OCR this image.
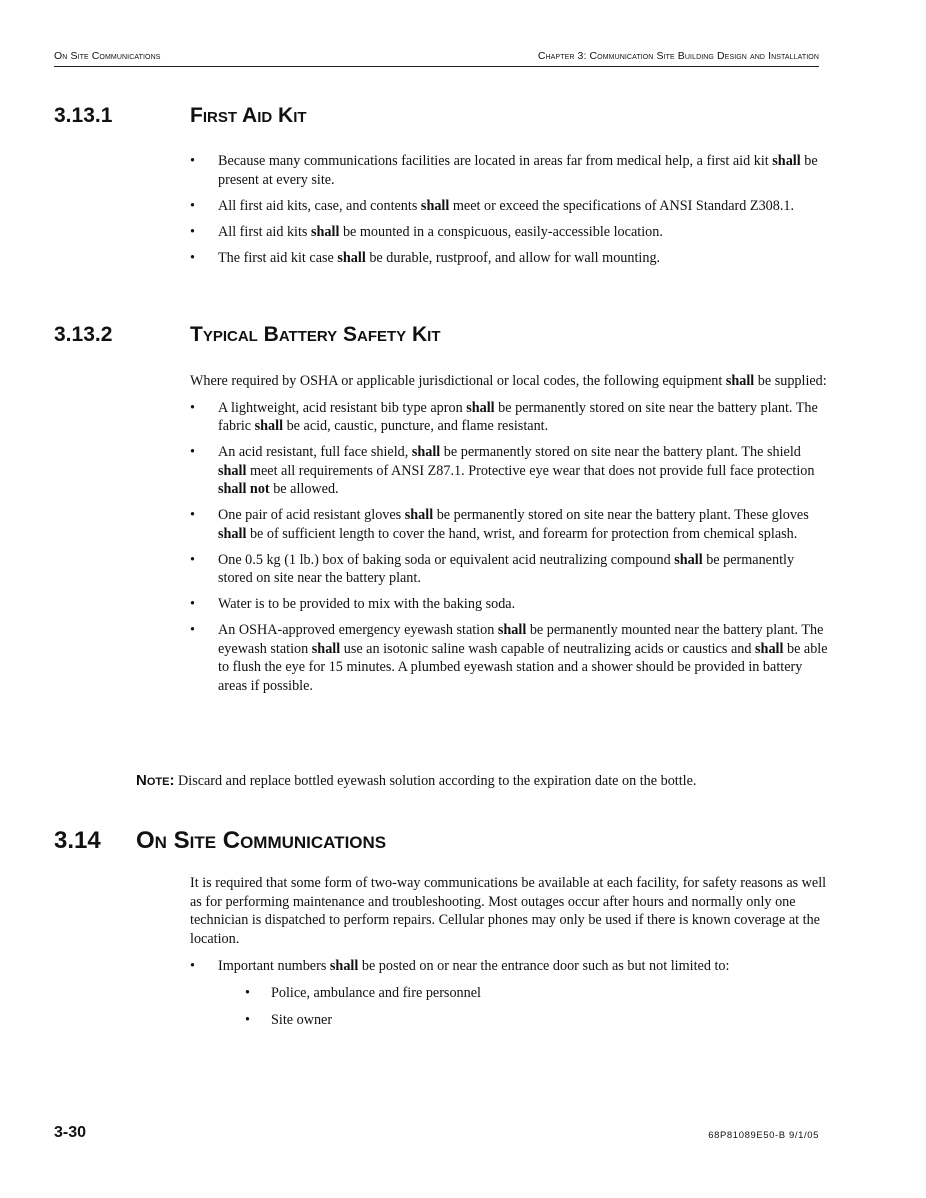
On Site Communications	Chapter 3: Communication Site Building Design and Installation
3.13.1	First Aid Kit
• Because many communications facilities are located in areas far from medical help, a first aid kit shall be present at every site.
• All first aid kits, case, and contents shall meet or exceed the specifications of ANSI Standard Z308.1.
• All first aid kits shall be mounted in a conspicuous, easily-accessible location.
• The first aid kit case shall be durable, rustproof, and allow for wall mounting.
3.13.2	Typical Battery Safety Kit

Where required by OSHA or applicable jurisdictional or local codes, the following equipment shall be supplied:

• A lightweight, acid resistant bib type apron shall be permanently stored on site near the battery plant. The fabric shall be acid, caustic, puncture, and flame resistant.
• An acid resistant, full face shield, shall be permanently stored on site near the battery plant. The shield shall meet all requirements of ANSI Z87.1. Protective eye wear that does not provide full face protection shall not be allowed.
• One pair of acid resistant gloves shall be permanently stored on site near the battery plant. These gloves shall be of sufficient length to cover the hand, wrist, and forearm for protection from chemical splash.
• One 0.5 kg (1 lb.) box of baking soda or equivalent acid neutralizing compound shall be permanently stored on site near the battery plant.
• Water is to be provided to mix with the baking soda.
• An OSHA-approved emergency eyewash station shall be permanently mounted near the battery plant. The eyewash station shall use an isotonic saline wash capable of neutralizing acids or caustics and shall be able to flush the eye for 15 minutes. A plumbed eyewash station and a shower should be provided in battery areas if possible.
Note: Discard and replace bottled eyewash solution according to the expiration date on the bottle.
3.14 On Site Communications

It is required that some form of two-way communications be available at each facility, for safety reasons as well as for performing maintenance and troubleshooting. Most outages occur after hours and normally only one technician is dispatched to perform repairs. Cellular phones may only be used if there is known coverage at the location.

• Important numbers shall be posted on or near the entrance door such as but not limited to:
• Police, ambulance and fire personnel
• Site owner
3-30	68P81089E50-B 9/1/05
